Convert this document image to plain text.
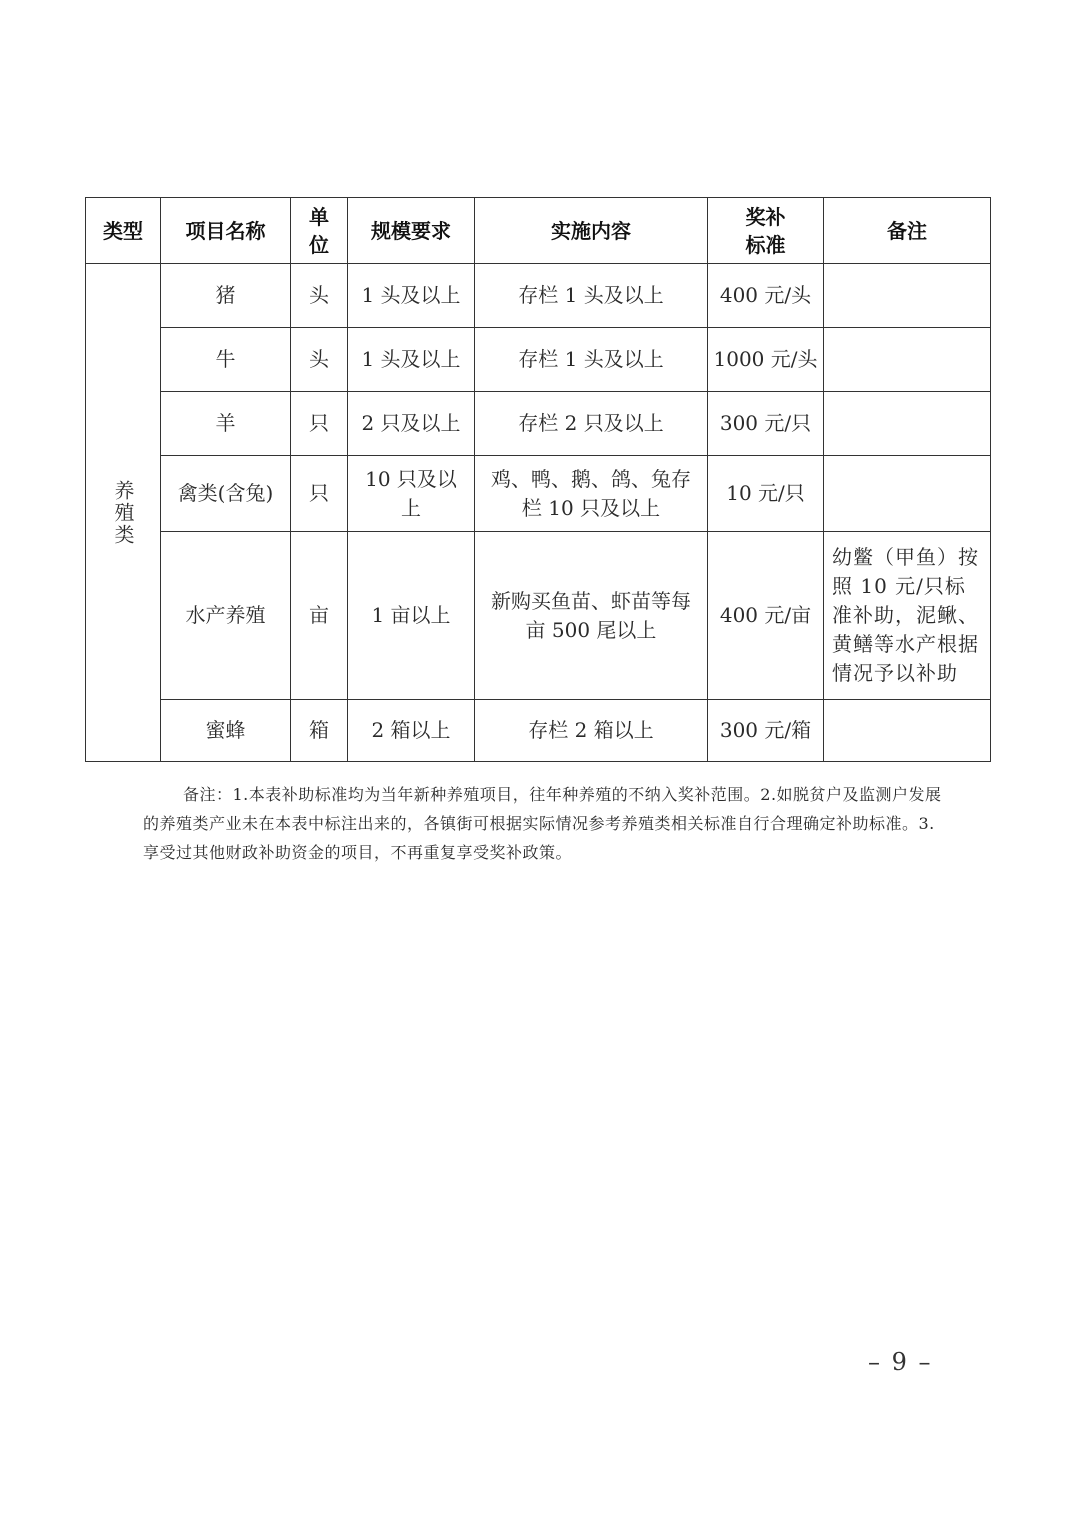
类型	项目名称	单位	规模要求	实施内容	奖补标准	备注

养殖类	猪	头	1 头及以上	存栏 1 头及以上	400 元/头	
	牛	头	1 头及以上	存栏 1 头及以上	1000 元/头	
	羊	只	2 只及以上	存栏 2 只及以上	300 元/只	
	禽类(含兔)	只	10 只及以上	鸡、鸭、鹅、鸽、兔存栏 10 只及以上	10 元/只	
	水产养殖	亩	1 亩以上	新购买鱼苗、虾苗等每亩 500 尾以上	400 元/亩	幼鳖（甲鱼）按照 10 元/只标准补助，泥鳅、黄鳝等水产根据情况予以补助
	蜜蜂	箱	2 箱以上	存栏 2 箱以上	300 元/箱	
备注：1.本表补助标准均为当年新种养殖项目，往年种养殖的不纳入奖补范围。2.如脱贫户及监测户发展的养殖类产业未在本表中标注出来的，各镇街可根据实际情况参考养殖类相关标准自行合理确定补助标准。3.享受过其他财政补助资金的项目，不再重复享受奖补政策。
– 9 –
